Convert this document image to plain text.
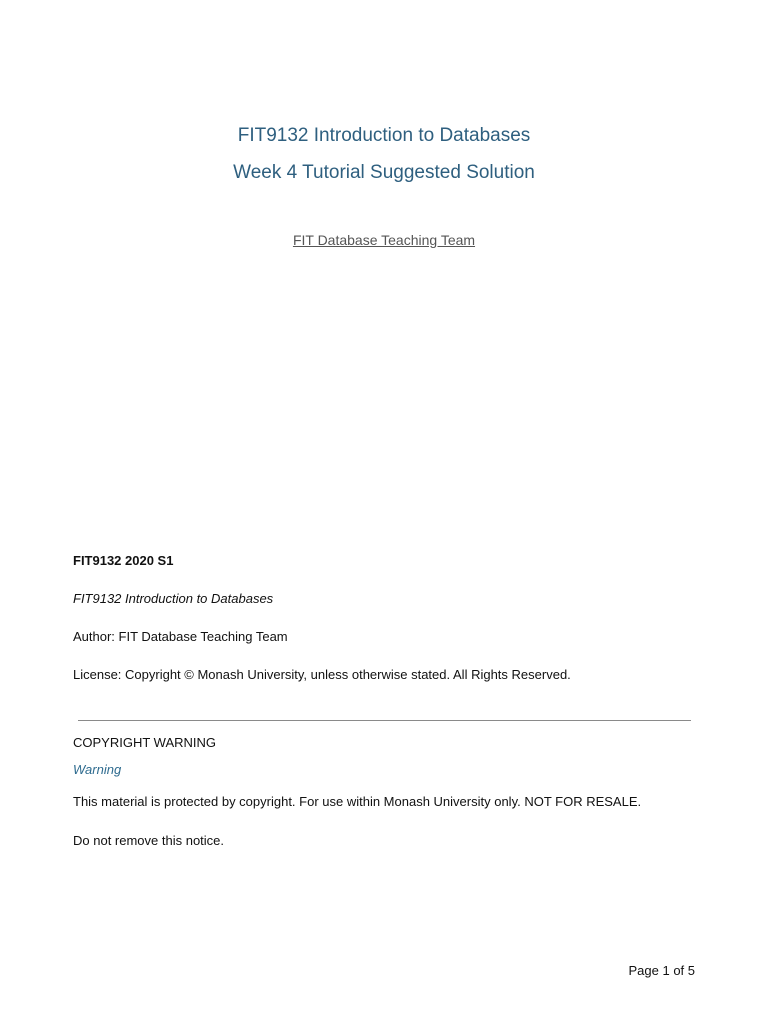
FIT9132 Introduction to Databases
Week 4 Tutorial Suggested Solution
FIT Database Teaching Team
FIT9132 2020 S1
FIT9132 Introduction to Databases
Author: FIT Database Teaching Team
License: Copyright © Monash University, unless otherwise stated. All Rights Reserved.
COPYRIGHT WARNING
Warning
This material is protected by copyright. For use within Monash University only. NOT FOR RESALE.
Do not remove this notice.
Page 1 of 5
